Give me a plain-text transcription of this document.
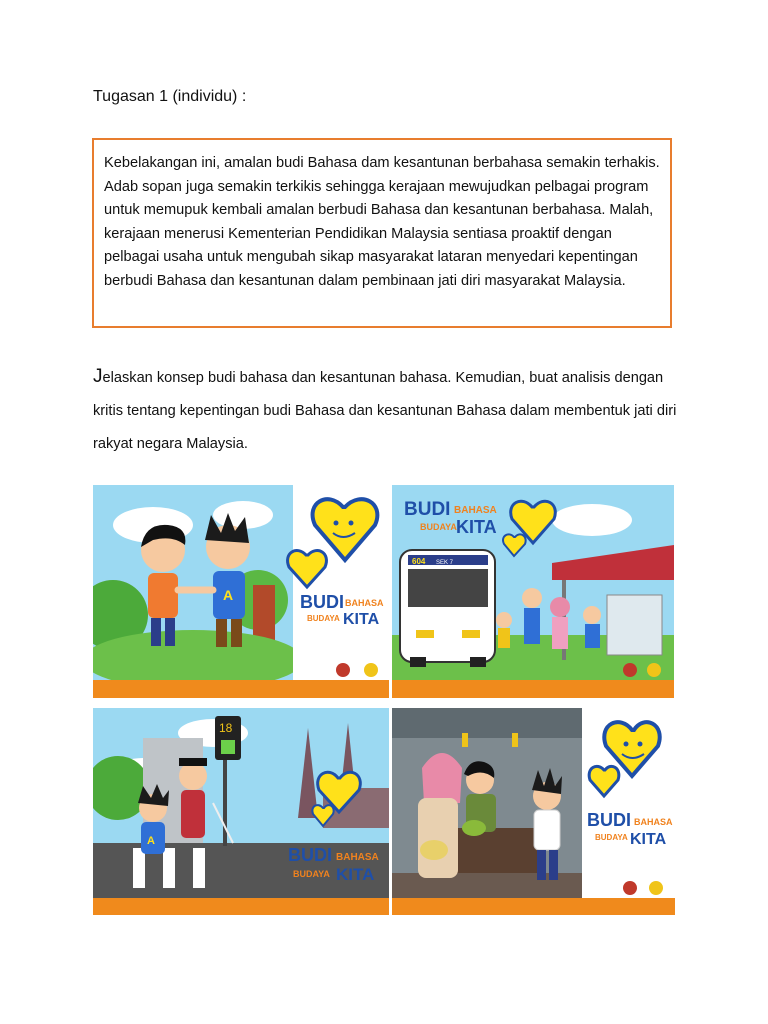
Tugasan 1 (individu) :

Kebelakangan ini, amalan budi Bahasa dam kesantunan berbahasa semakin terhakis. Adab sopan juga semakin terkikis sehingga kerajaan mewujudkan pelbagai program untuk memupuk kembali amalan berbudi Bahasa dan kesantunan berbahasa. Malah, kerajaan menerusi Kementerian Pendidikan Malaysia sentiasa proaktif dengan pelbagai usaha untuk mengubah sikap masyarakat lataran menyedari kepentingan berbudi Bahasa dan kesantunan dalam pembinaan jati diri masyarakat Malaysia.

Jelaskan konsep budi bahasa dan kesantunan bahasa. Kemudian, buat analisis dengan kritis tentang kepentingan budi Bahasa dan kesantunan Bahasa dalam membentuk jati diri rakyat negara Malaysia.
A	BUDI BAHASA
BUDAYA KITA
BUDI BAHASA
BUDAYA KITA
604 SEK 7
18
A
BUDI BAHASA
BUDAYA KITA
BUDI BAHASA
BUDAYA KITA
